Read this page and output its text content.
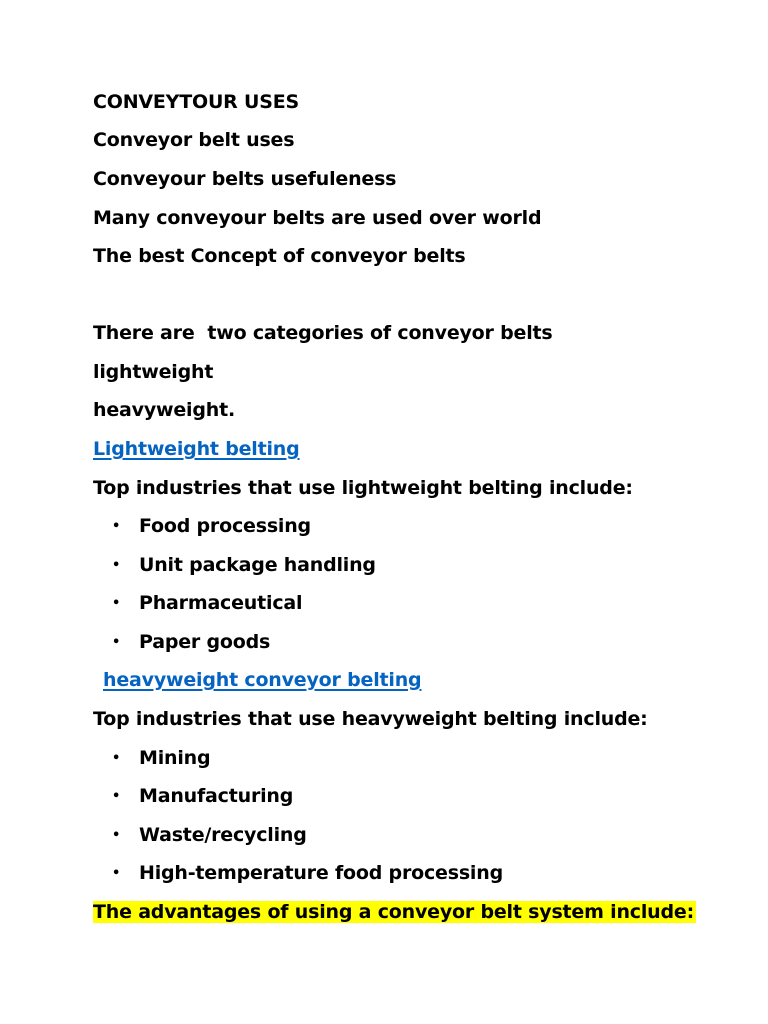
CONVEYTOUR USES
Conveyor belt uses
Conveyour belts usefuleness
Many conveyour belts are used over world
The best Concept of conveyor belts
There are  two categories of conveyor belts
lightweight
heavyweight.
Lightweight belting
Top industries that use lightweight belting include:
• Food processing
• Unit package handling
• Pharmaceutical
• Paper goods
heavyweight conveyor belting
Top industries that use heavyweight belting include:
• Mining
• Manufacturing
• Waste/recycling
• High-temperature food processing
The advantages of using a conveyor belt system include:
